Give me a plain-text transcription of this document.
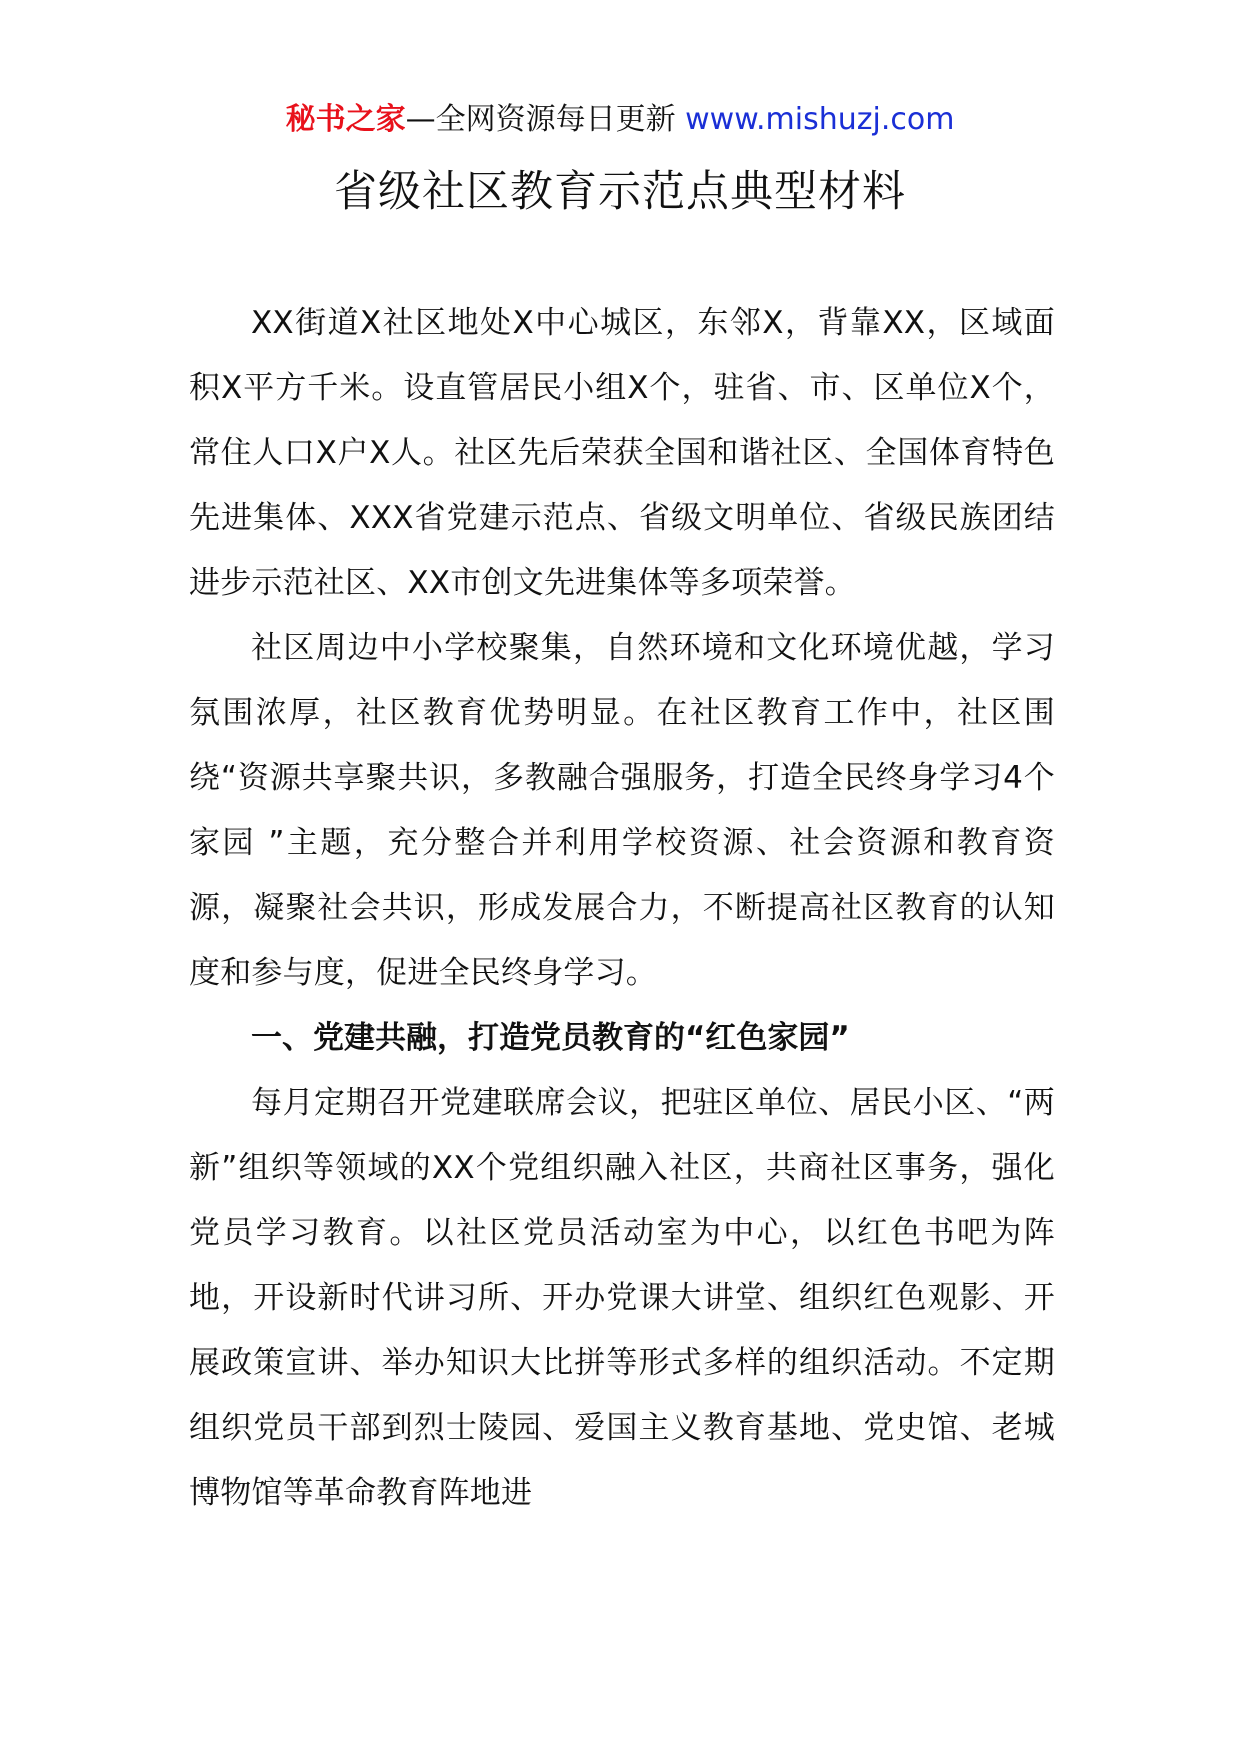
秘书之家—全网资源每日更新 www.mishuzj.com
省级社区教育示范点典型材料

XX街道X社区地处X中心城区，东邻X，背靠XX，区域面积X平方千米。设直管居民小组X个，驻省、市、区单位X个，常住人口X户X人。社区先后荣获全国和谐社区、全国体育特色先进集体、XXX省党建示范点、省级文明单位、省级民族团结进步示范社区、XX市创文先进集体等多项荣誉。

社区周边中小学校聚集，自然环境和文化环境优越，学习氛围浓厚，社区教育优势明显。在社区教育工作中，社区围绕“资源共享聚共识，多教融合强服务，打造全民终身学习4个家园 ”主题，充分整合并利用学校资源、社会资源和教育资源，凝聚社会共识，形成发展合力，不断提高社区教育的认知度和参与度，促进全民终身学习。

一、党建共融，打造党员教育的“红色家园”

每月定期召开党建联席会议，把驻区单位、居民小区、“两新”组织等领域的XX个党组织融入社区，共商社区事务，强化党员学习教育。以社区党员活动室为中心，以红色书吧为阵地，开设新时代讲习所、开办党课大讲堂、组织红色观影、开展政策宣讲、举办知识大比拼等形式多样的组织活动。不定期组织党员干部到烈士陵园、爱国主义教育基地、党史馆、老城博物馆等革命教育阵地进
